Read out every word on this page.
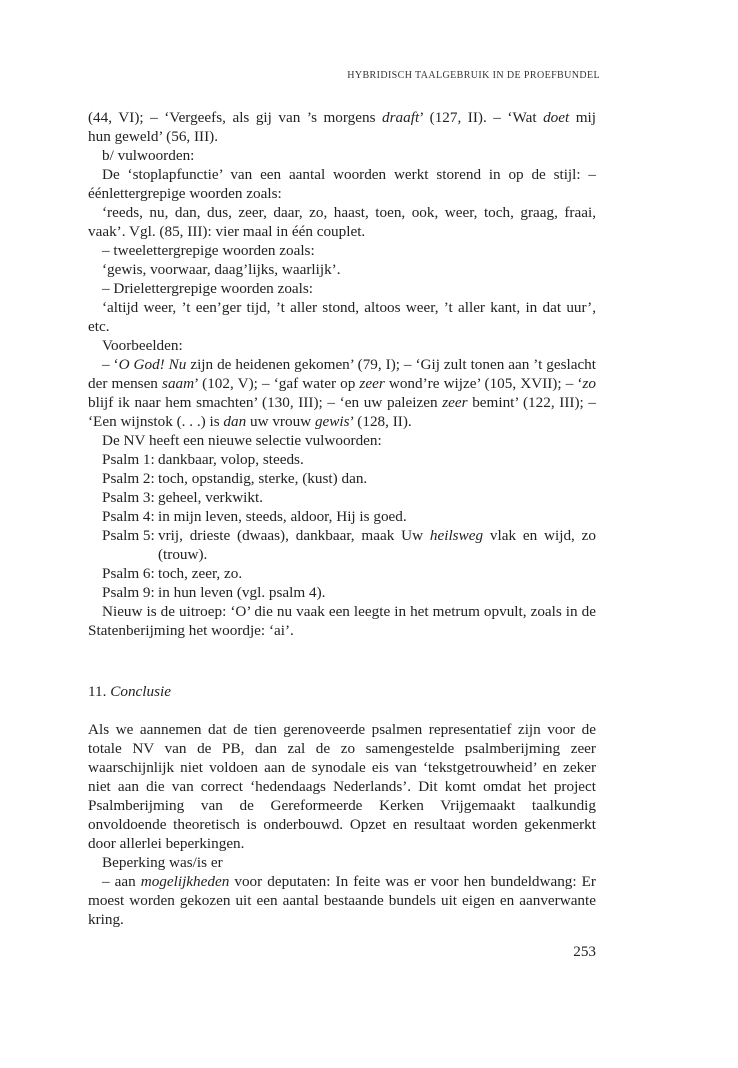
HYBRIDISCH TAALGEBRUIK IN DE PROEFBUNDEL

(44, VI); – ‘Vergeefs, als gij van ’s morgens draaft’ (127, II). – ‘Wat doet mij

hun geweld’ (56, III).

b/ vulwoorden:

De ‘stoplapfunctie’ van een aantal woorden werkt storend in op de stijl: – éénlettergrepige woorden zoals:

‘reeds, nu, dan, dus, zeer, daar, zo, haast, toen, ook, weer, toch, graag, fraai, vaak’. Vgl. (85, III): vier maal in één couplet.

– tweelettergrepige woorden zoals:

‘gewis, voorwaar, daag’lijks, waarlijk’.

– Drielettergrepige woorden zoals:

‘altijd weer, ’t een’ger tijd, ’t aller stond, altoos weer, ’t aller kant, in dat uur’, etc.

Voorbeelden:

– ‘O God! Nu zijn de heidenen gekomen’ (79, I); – ‘Gij zult tonen aan ’t geslacht der mensen saam’ (102, V); – ‘gaf water op zeer wond’re wijze’ (105, XVII); – ‘zo blijf ik naar hem smachten’ (130, III); – ‘en uw paleizen zeer bemint’ (122, III); – ‘Een wijnstok (. . .) is dan uw vrouw gewis’ (128, II).

De NV heeft een nieuwe selectie vulwoorden:

Psalm 1: dankbaar, volop, steeds.
Psalm 2: toch, opstandig, sterke, (kust) dan.
Psalm 3: geheel, verkwikt.
Psalm 4: in mijn leven, steeds, aldoor, Hij is goed.
Psalm 5: vrij, drieste (dwaas), dankbaar, maak Uw heilsweg vlak en wijd, zo (trouw).
Psalm 6: toch, zeer, zo.
Psalm 9: in hun leven (vgl. psalm 4).

Nieuw is de uitroep: ‘O’ die nu vaak een leegte in het metrum opvult, zoals in de Statenberijming het woordje: ‘ai’.

11. Conclusie

Als we aannemen dat de tien gerenoveerde psalmen representatief zijn voor de totale NV van de PB, dan zal de zo samengestelde psalmberijming zeer waarschijnlijk niet voldoen aan de synodale eis van ‘tekstgetrouwheid’ en zeker niet aan die van correct ‘hedendaags Nederlands’. Dit komt omdat het project Psalmberijming van de Gereformeerde Kerken Vrijgemaakt taalkundig onvoldoende theoretisch is onderbouwd. Opzet en resultaat worden gekenmerkt door allerlei beperkingen.

Beperking was/is er

– aan mogelijkheden voor deputaten: In feite was er voor hen bundeldwang: Er moest worden gekozen uit een aantal bestaande bundels uit eigen en aanverwante kring.

253
